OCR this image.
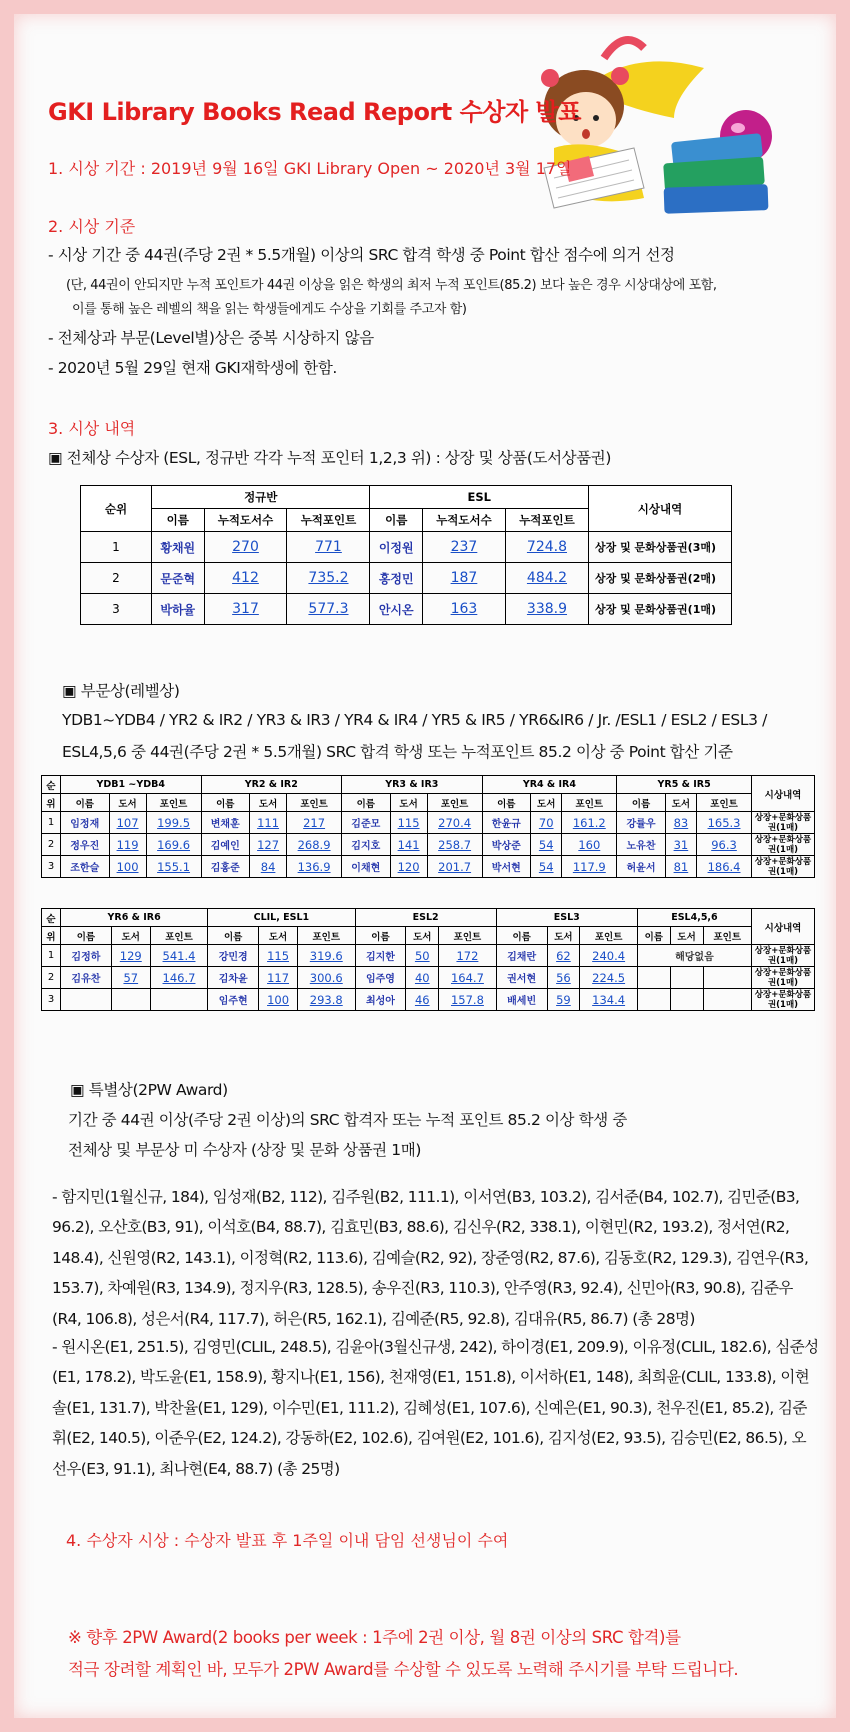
GKI Library Books Read Report 수상자 발표
1. 시상 기간 : 2019년 9월 16일 GKI Library Open ~ 2020년 3월 17일
2. 시상 기준
- 시상 기간 중 44권(주당 2권 * 5.5개월) 이상의 SRC 합격 학생 중 Point 합산 점수에 의거 선정
(단, 44권이 안되지만 누적 포인트가 44권 이상을 읽은 학생의 최저 누적 포인트(85.2) 보다 높은 경우 시상대상에 포함,
이를 통해 높은 레벨의 책을 읽는 학생들에게도 수상을 기회를 주고자 함)
- 전체상과 부문(Level별)상은 중복 시상하지 않음
- 2020년 5월 29일 현재 GKI재학생에 한함.
3. 시상 내역
▣ 전체상 수상자 (ESL, 정규반 각각 누적 포인터 1,2,3 위) : 상장 및 상품(도서상품권)
순위	정규반			ESL			시상내역
	이름	누적도서수	누적포인트	이름	누적도서수	누적포인트	
1	황채원	270	771	이정원	237	724.8	상장 및 문화상품권(3매)
2	문준혁	412	735.2	홍정민	187	484.2	상장 및 문화상품권(2매)
3	박하율	317	577.3	안시온	163	338.9	상장 및 문화상품권(1매)
▣ 부문상(레벨상)
YDB1~YDB4 / YR2 & IR2 / YR3 & IR3 / YR4 & IR4 / YR5 & IR5 / YR6&IR6 / Jr. /ESL1 / ESL2 / ESL3 /
ESL4,5,6 중 44권(주당 2권 * 5.5개월) SRC 합격 학생 또는 누적포인트 85.2 이상 중 Point 합산 기준
순	YDB1 ~YDB4			YR2 & IR2			YR3 & IR3			YR4 & IR4			YR5 & IR5			시상내역
위	이름	도서	포인트	이름	도서	포인트	이름	도서	포인트	이름	도서	포인트	이름	도서	포인트	
1	임정재	107	199.5	변채훈	111	217	김준모	115	270.4	한윤규	70	161.2	강률우	83	165.3	상장+문화상품권(1매)
2	정우진	119	169.6	김예인	127	268.9	김지호	141	258.7	박상준	54	160	노유찬	31	96.3	상장+문화상품권(1매)
3	조한슬	100	155.1	김홍준	84	136.9	이채현	120	201.7	박서현	54	117.9	허윤서	81	186.4	상장+문화상품권(1매)
순	YR6 & IR6			CLIL, ESL1			ESL2			ESL3			ESL4,5,6			시상내역
위	이름	도서	포인트	이름	도서	포인트	이름	도서	포인트	이름	도서	포인트	이름	도서	포인트	
1	김정하	129	541.4	강민경	115	319.6	김지한	50	172	김채란	62	240.4	해당없음			상장+문화상품권(1매)
2	김유찬	57	146.7	김차윤	117	300.6	임주영	40	164.7	권서현	56	224.5				상장+문화상품권(1매)
3				임주현	100	293.8	최성아	46	157.8	배세빈	59	134.4				상장+문화상품권(1매)
▣ 특별상(2PW Award)
기간 중 44권 이상(주당 2권 이상)의 SRC 합격자 또는 누적 포인트 85.2 이상 학생 중
전체상 및 부문상 미 수상자 (상장 및 문화 상품권 1매)
- 함지민(1월신규, 184), 임성재(B2, 112), 김주원(B2, 111.1), 이서연(B3, 103.2), 김서준(B4, 102.7), 김민준(B3, 96.2), 오산호(B3, 91), 이석호(B4, 88.7), 김효민(B3, 88.6), 김신우(R2, 338.1), 이현민(R2, 193.2), 정서연(R2, 148.4), 신원영(R2, 143.1), 이정혁(R2, 113.6), 김예슬(R2, 92), 장준영(R2, 87.6), 김동호(R2, 129.3), 김연우(R3, 153.7), 차예원(R3, 134.9), 정지우(R3, 128.5), 송우진(R3, 110.3), 안주영(R3, 92.4), 신민아(R3, 90.8), 김준우(R4, 106.8), 성은서(R4, 117.7), 허은(R5, 162.1), 김예준(R5, 92.8), 김대유(R5, 86.7) (총 28명)
- 원시온(E1, 251.5), 김영민(CLIL, 248.5), 김윤아(3월신규생, 242), 하이경(E1, 209.9), 이유정(CLIL, 182.6), 심준성(E1, 178.2), 박도윤(E1, 158.9), 황지나(E1, 156), 천재영(E1, 151.8), 이서하(E1, 148), 최희윤(CLIL, 133.8), 이현솔(E1, 131.7), 박찬율(E1, 129), 이수민(E1, 111.2), 김혜성(E1, 107.6), 신예은(E1, 90.3), 천우진(E1, 85.2), 김준휘(E2, 140.5), 이준우(E2, 124.2), 강동하(E2, 102.6), 김여원(E2, 101.6), 김지성(E2, 93.5), 김승민(E2, 86.5), 오선우(E3, 91.1), 최나현(E4, 88.7) (총 25명)
4. 수상자 시상 : 수상자 발표 후 1주일 이내 담임 선생님이 수여
※ 향후 2PW Award(2 books per week : 1주에 2권 이상, 월 8권 이상의 SRC 합격)를
적극 장려할 계획인 바, 모두가 2PW Award를 수상할 수 있도록 노력해 주시기를 부탁 드립니다.
